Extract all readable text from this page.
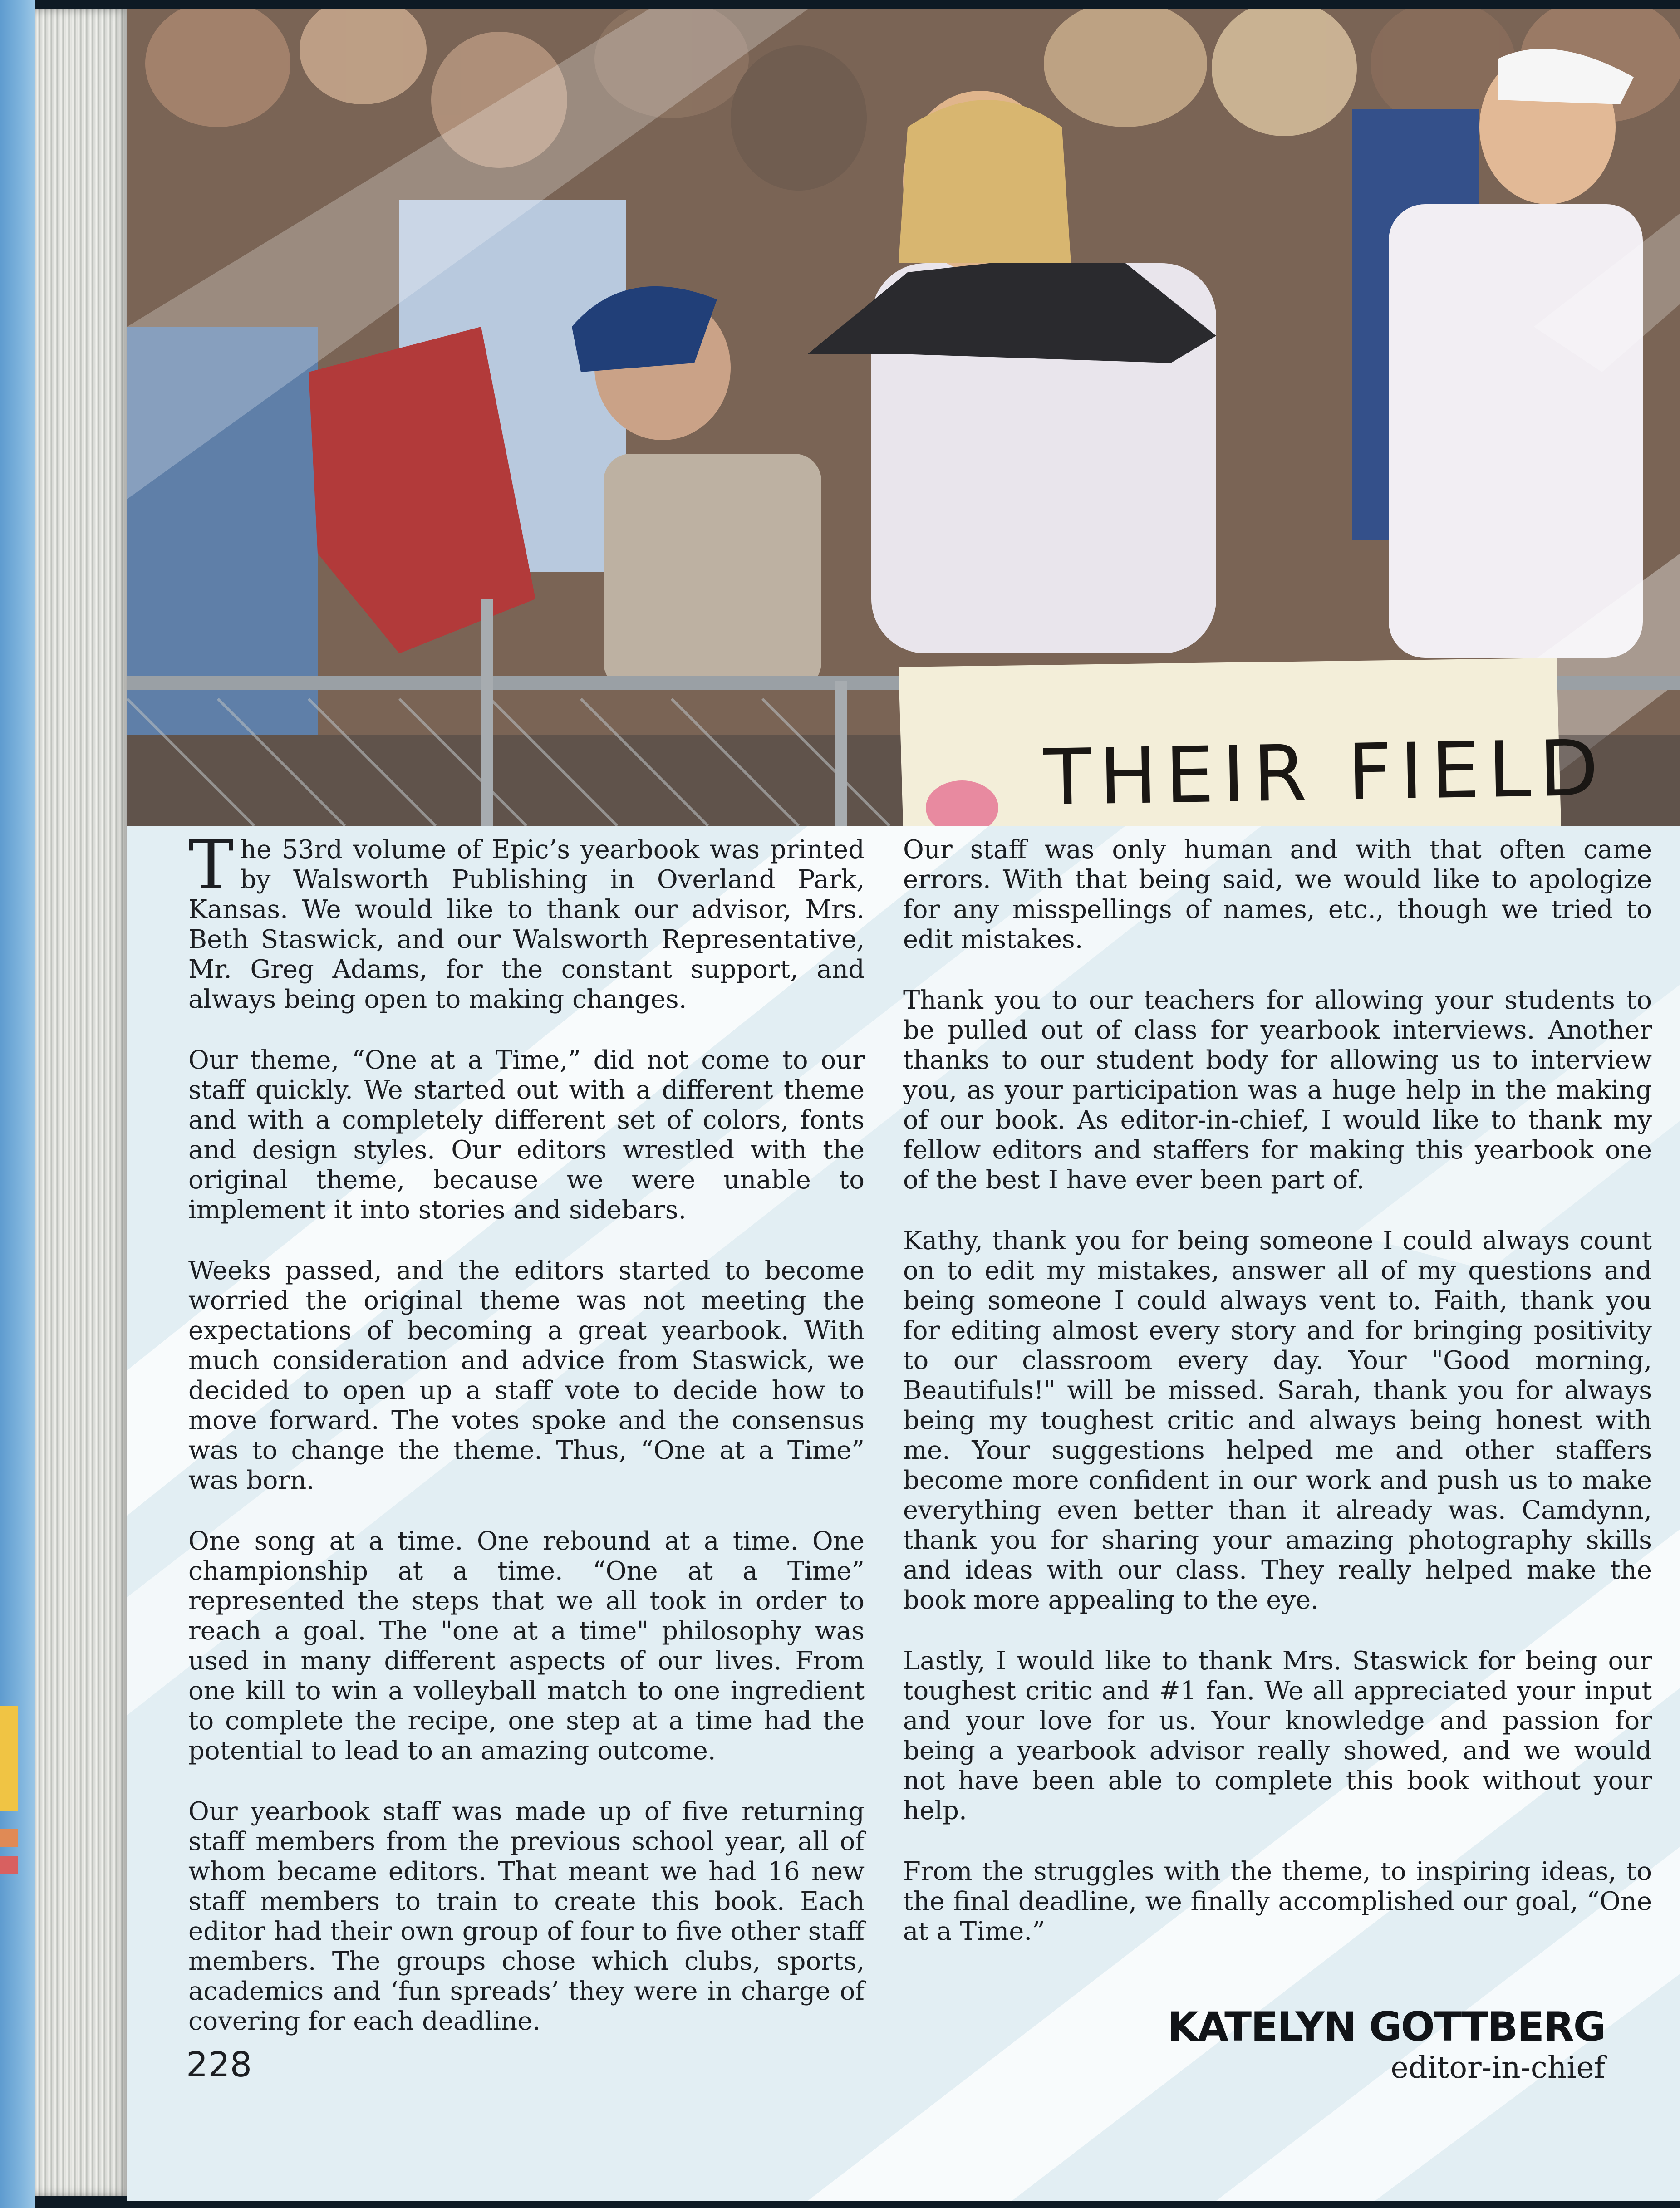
THEIR FIELD

T he 53rd volume of Epic’s yearbook was printed by Walsworth Publishing in Overland Park, Kansas. We would like to thank our advisor, Mrs. Beth Staswick, and our Walsworth Representative, Mr. Greg Adams, for the constant support, and always being open to making changes.

Our theme, “One at a Time,” did not come to our staff quickly. We started out with a different theme and with a completely different set of colors, fonts and design styles. Our editors wrestled with the original theme, because we were unable to implement it into stories and sidebars.

Weeks passed, and the editors started to become worried the original theme was not meeting the expectations of becoming a great yearbook. With much consideration and advice from Staswick, we decided to open up a staff vote to decide how to move forward. The votes spoke and the consensus was to change the theme. Thus, “One at a Time” was born.

One song at a time. One rebound at a time. One championship at a time. “One at a Time” represented the steps that we all took in order to reach a goal. The "one at a time" philosophy was used in many different aspects of our lives. From one kill to win a volleyball match to one ingredient to complete the recipe, one step at a time had the potential to lead to an amazing outcome.

Our yearbook staff was made up of five returning staff members from the previous school year, all of whom became editors. That meant we had 16 new staff members to train to create this book. Each editor had their own group of four to five other staff members. The groups chose which clubs, sports, academics and ‘fun spreads’ they were in charge of covering for each deadline.

Our staff was only human and with that often came errors. With that being said, we would like to apologize for any misspellings of names, etc., though we tried to edit mistakes.

Thank you to our teachers for allowing your students to be pulled out of class for yearbook interviews. Another thanks to our student body for allowing us to interview you, as your participation was a huge help in the making of our book. As editor-in-chief, I would like to thank my fellow editors and staffers for making this yearbook one of the best I have ever been part of.

Kathy, thank you for being someone I could always count on to edit my mistakes, answer all of my questions and being someone I could always vent to. Faith, thank you for editing almost every story and for bringing positivity to our classroom every day. Your "Good morning, Beautifuls!" will be missed. Sarah, thank you for always being my toughest critic and always being honest with me. Your suggestions helped me and other staffers become more confident in our work and push us to make everything even better than it already was. Camdynn, thank you for sharing your amazing photography skills and ideas with our class. They really helped make the book more appealing to the eye.

Lastly, I would like to thank Mrs. Staswick for being our toughest critic and #1 fan. We all appreciated your input and your love for us. Your knowledge and passion for being a yearbook advisor really showed, and we would not have been able to complete this book without your help.

From the struggles with the theme, to inspiring ideas, to the final deadline, we finally accomplished our goal, “One at a Time.”

228
KATELYN GOTTBERG
editor-in-chief
